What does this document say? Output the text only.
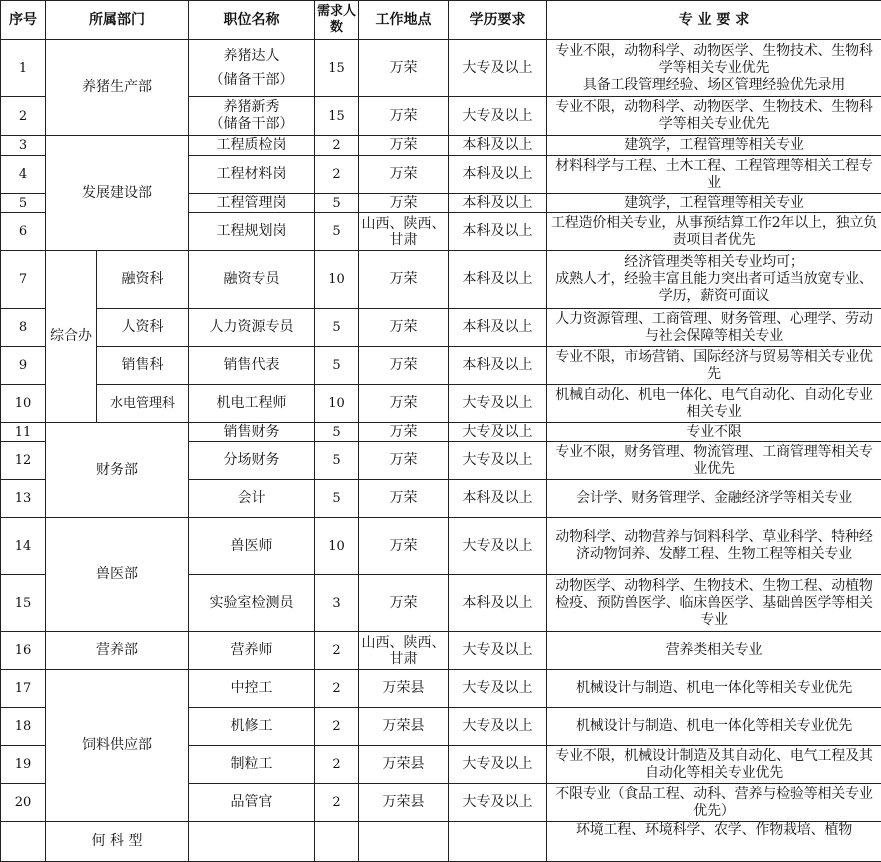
序号	所属部门		职位名称	需求人数	工作地点	学历要求	专 业 要 求
1	养猪生产部		养猪达人
（储备干部）	15	万荣	大专及以上	专业不限，动物科学、动物医学、生物技术、生物科学等相关专业优先
具备工段管理经验、场区管理经验优先录用
2			养猪新秀
（储备干部）	15	万荣	大专及以上	专业不限，动物科学、动物医学、生物技术、生物科学等相关专业优先
3	发展建设部		工程质检岗	2	万荣	本科及以上	建筑学，工程管理等相关专业
4			工程材料岗	2	万荣	本科及以上	材料科学与工程、土木工程、工程管理等相关工程专业
5			工程管理岗	5	万荣	本科及以上	建筑学，工程管理等相关专业
6			工程规划岗	5	山西、陕西、甘肃	本科及以上	工程造价相关专业，从事预结算工作2年以上，独立负责项目者优先
7	综合办	融资科	融资专员	10	万荣	本科及以上	经济管理类等相关专业均可；
成熟人才，经验丰富且能力突出者可适当放宽专业、学历，薪资可面议
8		人资科	人力资源专员	5	万荣	本科及以上	人力资源管理、工商管理、财务管理、心理学、劳动与社会保障等相关专业
9		销售科	销售代表	5	万荣	本科及以上	专业不限，市场营销、国际经济与贸易等相关专业优先
10		水电管理科	机电工程师	10	万荣	大专及以上	机械自动化、机电一体化、电气自动化、自动化专业相关专业
11	财务部		销售财务	5	万荣	大专及以上	专业不限
12			分场财务	5	万荣	大专及以上	专业不限，财务管理、物流管理、工商管理等相关专业优先
13			会计	5	万荣	本科及以上	会计学、财务管理学、金融经济学等相关专业
14	兽医部		兽医师	10	万荣	大专及以上	动物科学、动物营养与饲料科学、草业科学、特种经济动物饲养、发酵工程、生物工程等相关专业
15			实验室检测员	3	万荣	本科及以上	动物医学、动物科学、生物技术、生物工程、动植物检疫、预防兽医学、临床兽医学、基础兽医学等相关专业
16	营养部		营养师	2	山西、陕西、甘肃	大专及以上	营养类相关专业
17	饲料供应部		中控工	2	万荣县	大专及以上	机械设计与制造、机电一体化等相关专业优先
18			机修工	2	万荣县	大专及以上	机械设计与制造、机电一体化等相关专业优先
19			制粒工	2	万荣县	大专及以上	专业不限，机械设计制造及其自动化、电气工程及其自动化等相关专业优先
20			品管官	2	万荣县	大专及以上	不限专业（食品工程、动科、营养与检验等相关专业优先）
	何 科 型						环境工程、环境科学、农学、作物栽培、植物
